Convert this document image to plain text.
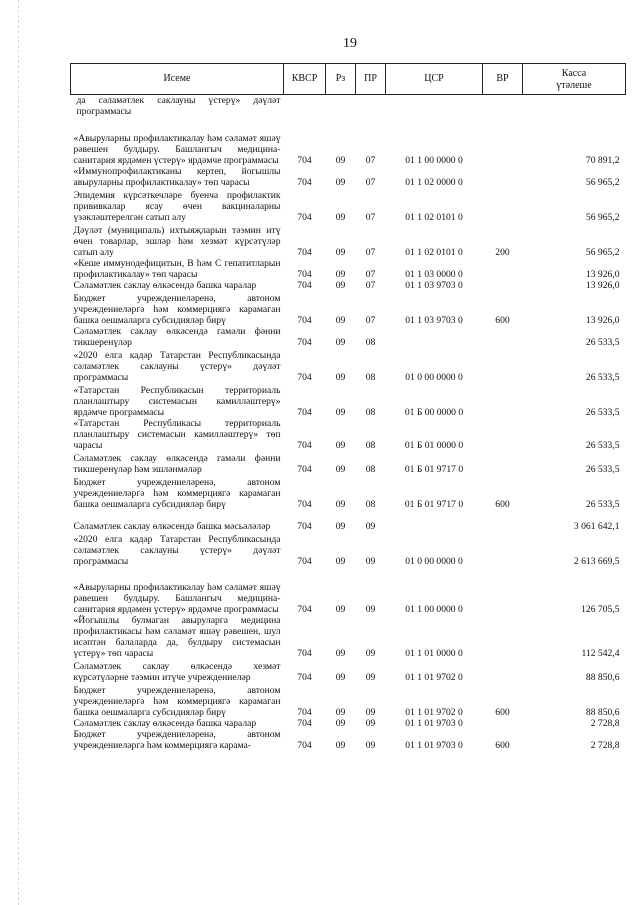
19
Исеме	КВСР	Рз	ПР	ЦСР	ВР	Касса
үтәлеше

да сәламәтлек саклауны үстерү» дәүләт программасы						
«Авыруларны профилактикалау һәм сәламәт яшәү рәвешен булдыру. Башлангыч медицина-санитария ярдәмен үстерү» ярдәмче программасы	704	09	07	01 1 00 0000 0		70 891,2
«Иммунопрофилактиканы кертеп, йогышлы авыруларны профилактикалау» төп чарасы	704	09	07	01 1 02 0000 0		56 965,2
Эпидемия күрсәткечләре буенча профилактик прививкалар ясау өчен вакциналарны үзәкләштерелгән сатып алу	704	09	07	01 1 02 0101 0		56 965,2
Дәүләт (муниципаль) ихтыяҗларын тәэмин итү өчен товарлар, эшләр һәм хезмәт күрсәтүләр сатып алу	704	09	07	01 1 02 0101 0	200	56 965,2
«Кешe иммунодефицитын, В һәм С гепатитларын профилактикалау» төп чарасы	704	09	07	01 1 03 0000 0		13 926,0
Сәламәтлек саклау өлкәсендә башка чаралар	704	09	07	01 1 03 9703 0		13 926,0
Бюджет учреждениеләренә, автоном учреждениеләргә һәм коммерциягә карамаган башка оешмаларга субсидияләр бирү	704	09	07	01 1 03 9703 0	600	13 926,0
Сәламәтлек саклау өлкәсендә гамәли фәнни тикшеренүләр	704	09	08			26 533,5
«2020 елга кадәр Татарстан Республикасында сәламәтлек саклауны үстерү» дәүләт программасы	704	09	08	01 0 00 0000 0		26 533,5
«Татарстан Республикасын территориаль планлаштыру системасын камилләштерү» ярдәмче программасы	704	09	08	01 Б 00 0000 0		26 533,5
«Татарстан Республикасы территориаль планлаштыру системасын камилләштерү» төп чарасы	704	09	08	01 Б 01 0000 0		26 533,5
Сәламәтлек саклау өлкәсендә гамәли фәнни тикшеренүләр һәм эшләнмәләр	704	09	08	01 Б 01 9717 0		26 533,5
Бюджет учреждениеләренә, автоном учреждениеләргә һәм коммерциягә карамаган башка оешмаларга субсидияләр бирү	704	09	08	01 Б 01 9717 0	600	26 533,5
Сәламәтлек саклау өлкәсендә башка мәсьәләләр	704	09	09			3 061 642,1
«2020 елга кадәр Татарстан Республикасында сәламәтлек саклауны үстерү» дәүләт программасы	704	09	09	01 0 00 0000 0		2 613 669,5
«Авыруларны профилактикалау һәм сәламәт яшәү рәвешен булдыру. Башлангыч медицина-санитария ярдәмен үстерү» ярдәмче программасы	704	09	09	01 1 00 0000 0		126 705,5
«Йогышлы булмаган авыруларга медицина профилактикасы һәм сәламәт яшәү рәвешен, шул исәптән балаларда да, булдыру системасын үстерү» төп чарасы	704	09	09	01 1 01 0000 0		112 542,4
Сәламәтлек саклау өлкәсендә хезмәт күрсәтүләрне тәэмин итүче учреждениеләр	704	09	09	01 1 01 9702 0		88 850,6
Бюджет учреждениеләренә, автоном учреждениеләргә һәм коммерциягә карамаган башка оешмаларга субсидияләр бирү	704	09	09	01 1 01 9702 0	600	88 850,6
Сәламәтлек саклау өлкәсендә башка чаралар	704	09	09	01 1 01 9703 0		2 728,8
Бюджет учреждениеләренә, автоном учреждениеләргә һәм коммерциягә карама-	704	09	09	01 1 01 9703 0	600	2 728,8
